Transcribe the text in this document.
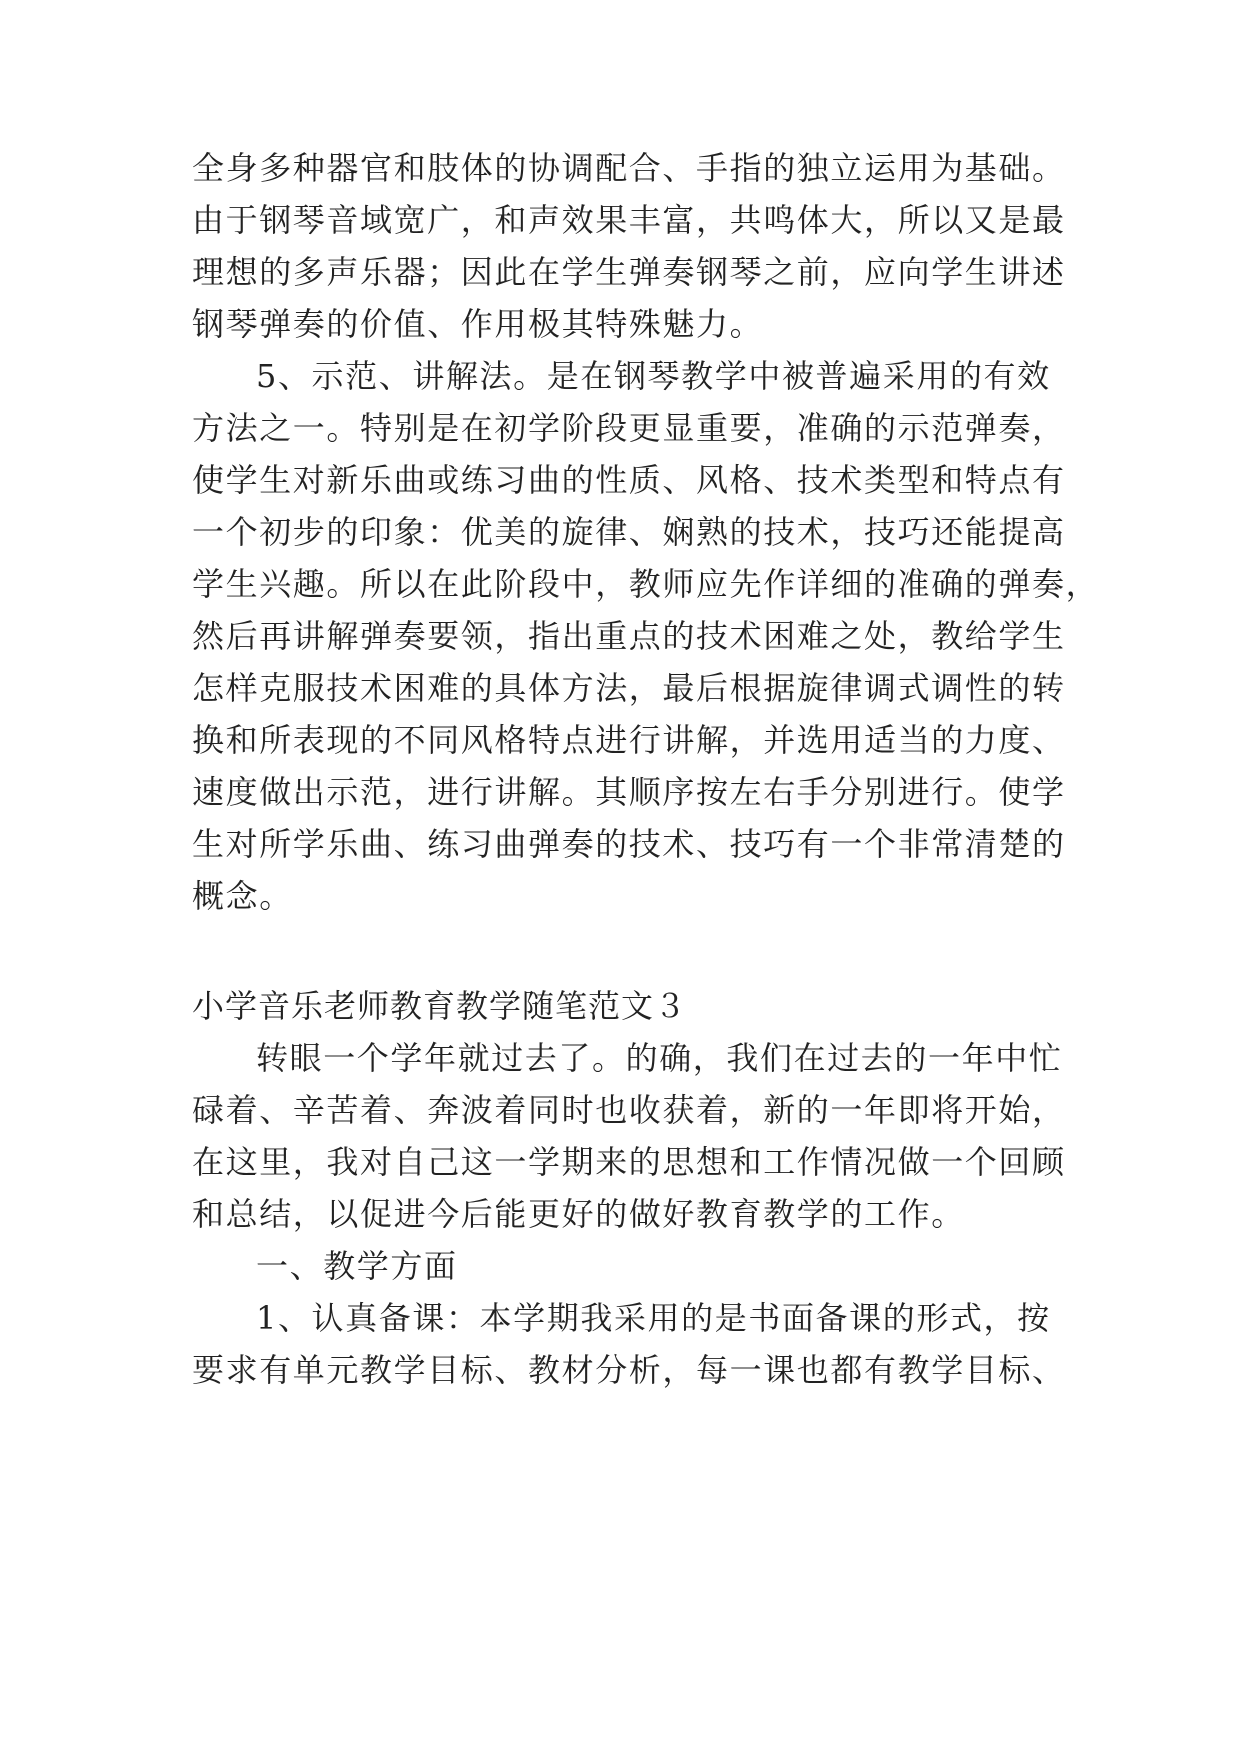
全身多种器官和肢体的协调配合、手指的独立运用为基础。
由于钢琴音域宽广，和声效果丰富，共鸣体大，所以又是最
理想的多声乐器；因此在学生弹奏钢琴之前，应向学生讲述
钢琴弹奏的价值、作用极其特殊魅力。
5、示范、讲解法。是在钢琴教学中被普遍采用的有效
方法之一。特别是在初学阶段更显重要，准确的示范弹奏，
使学生对新乐曲或练习曲的性质、风格、技术类型和特点有
一个初步的印象：优美的旋律、娴熟的技术，技巧还能提高
学生兴趣。所以在此阶段中，教师应先作详细的准确的弹奏，
然后再讲解弹奏要领，指出重点的技术困难之处，教给学生
怎样克服技术困难的具体方法，最后根据旋律调式调性的转
换和所表现的不同风格特点进行讲解，并选用适当的力度、
速度做出示范，进行讲解。其顺序按左右手分别进行。使学
生对所学乐曲、练习曲弹奏的技术、技巧有一个非常清楚的
概念。
小学音乐老师教育教学随笔范文３
转眼一个学年就过去了。的确，我们在过去的一年中忙
碌着、辛苦着、奔波着同时也收获着，新的一年即将开始，
在这里，我对自己这一学期来的思想和工作情况做一个回顾
和总结，以促进今后能更好的做好教育教学的工作。
一、教学方面
1、认真备课：本学期我采用的是书面备课的形式，按
要求有单元教学目标、教材分析，每一课也都有教学目标、
